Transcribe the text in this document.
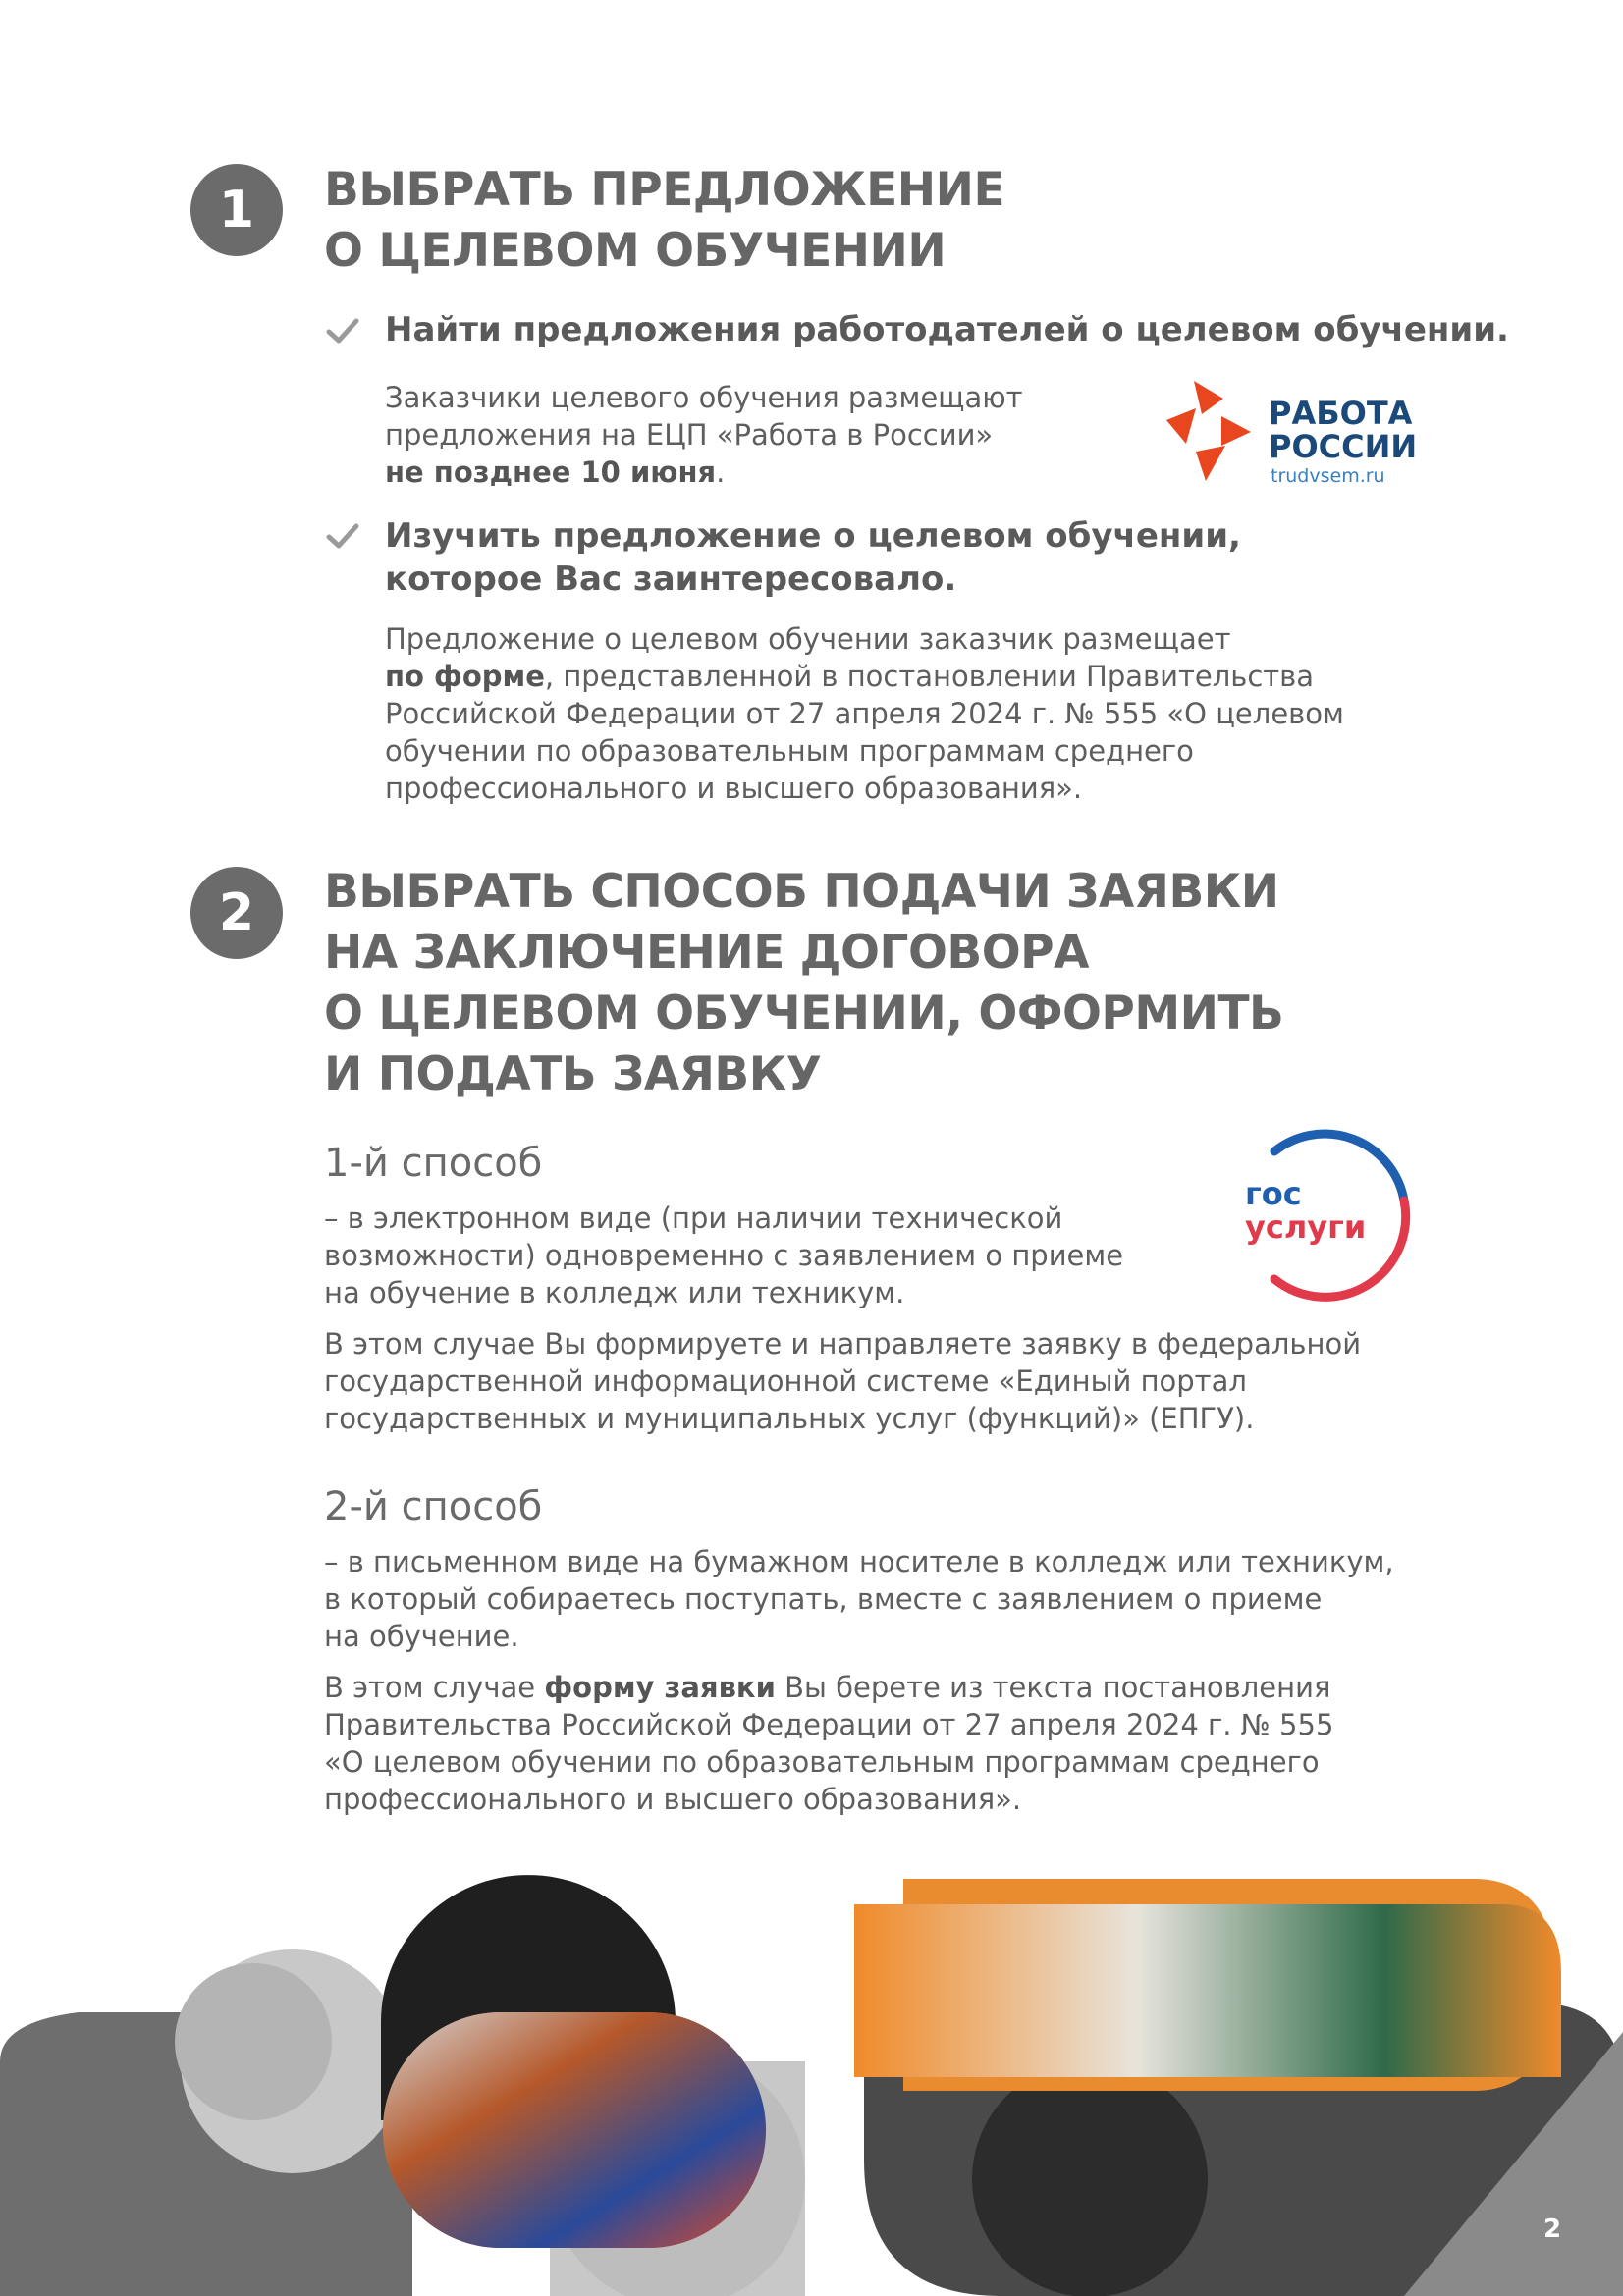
1 ВЫБРАТЬ ПРЕДЛОЖЕНИЕ

О ЦЕЛЕВОМ ОБУЧЕНИИ

Найти предложения работодателей о целевом обучении.

Заказчики целевого обучения размещают

предложения на ЕЦП «Работа в России»

не позднее 10 июня.

РАБОТА
РОССИИ
trudvsem.ru

Изучить предложение о целевом обучении,

которое Вас заинтересовало.

Предложение о целевом обучении заказчик размещает

по форме, представленной в постановлении Правительства

Российской Федерации от 27 апреля 2024 г. № 555 «О целевом

обучении по образовательным программам среднего

профессионального и высшего образования».

2 ВЫБРАТЬ СПОСОБ ПОДАЧИ ЗАЯВКИ

НА ЗАКЛЮЧЕНИЕ ДОГОВОРА

О ЦЕЛЕВОМ ОБУЧЕНИИ, ОФОРМИТЬ

И ПОДАТЬ ЗАЯВКУ

1-й способ

– в электронном виде (при наличии технической

возможности) одновременно с заявлением о приеме

на обучение в колледж или техникум.

В этом случае Вы формируете и направляете заявку в федеральной

государственной информационной системе «Единый портал

государственных и муниципальных услуг (функций)» (ЕПГУ).

гос
услуги

2-й способ

– в письменном виде на бумажном носителе в колледж или техникум,

в который собираетесь поступать, вместе с заявлением о приеме

на обучение.

В этом случае форму заявки Вы берете из текста постановления

Правительства Российской Федерации от 27 апреля 2024 г. № 555

«О целевом обучении по образовательным программам среднего

профессионального и высшего образования».

2
